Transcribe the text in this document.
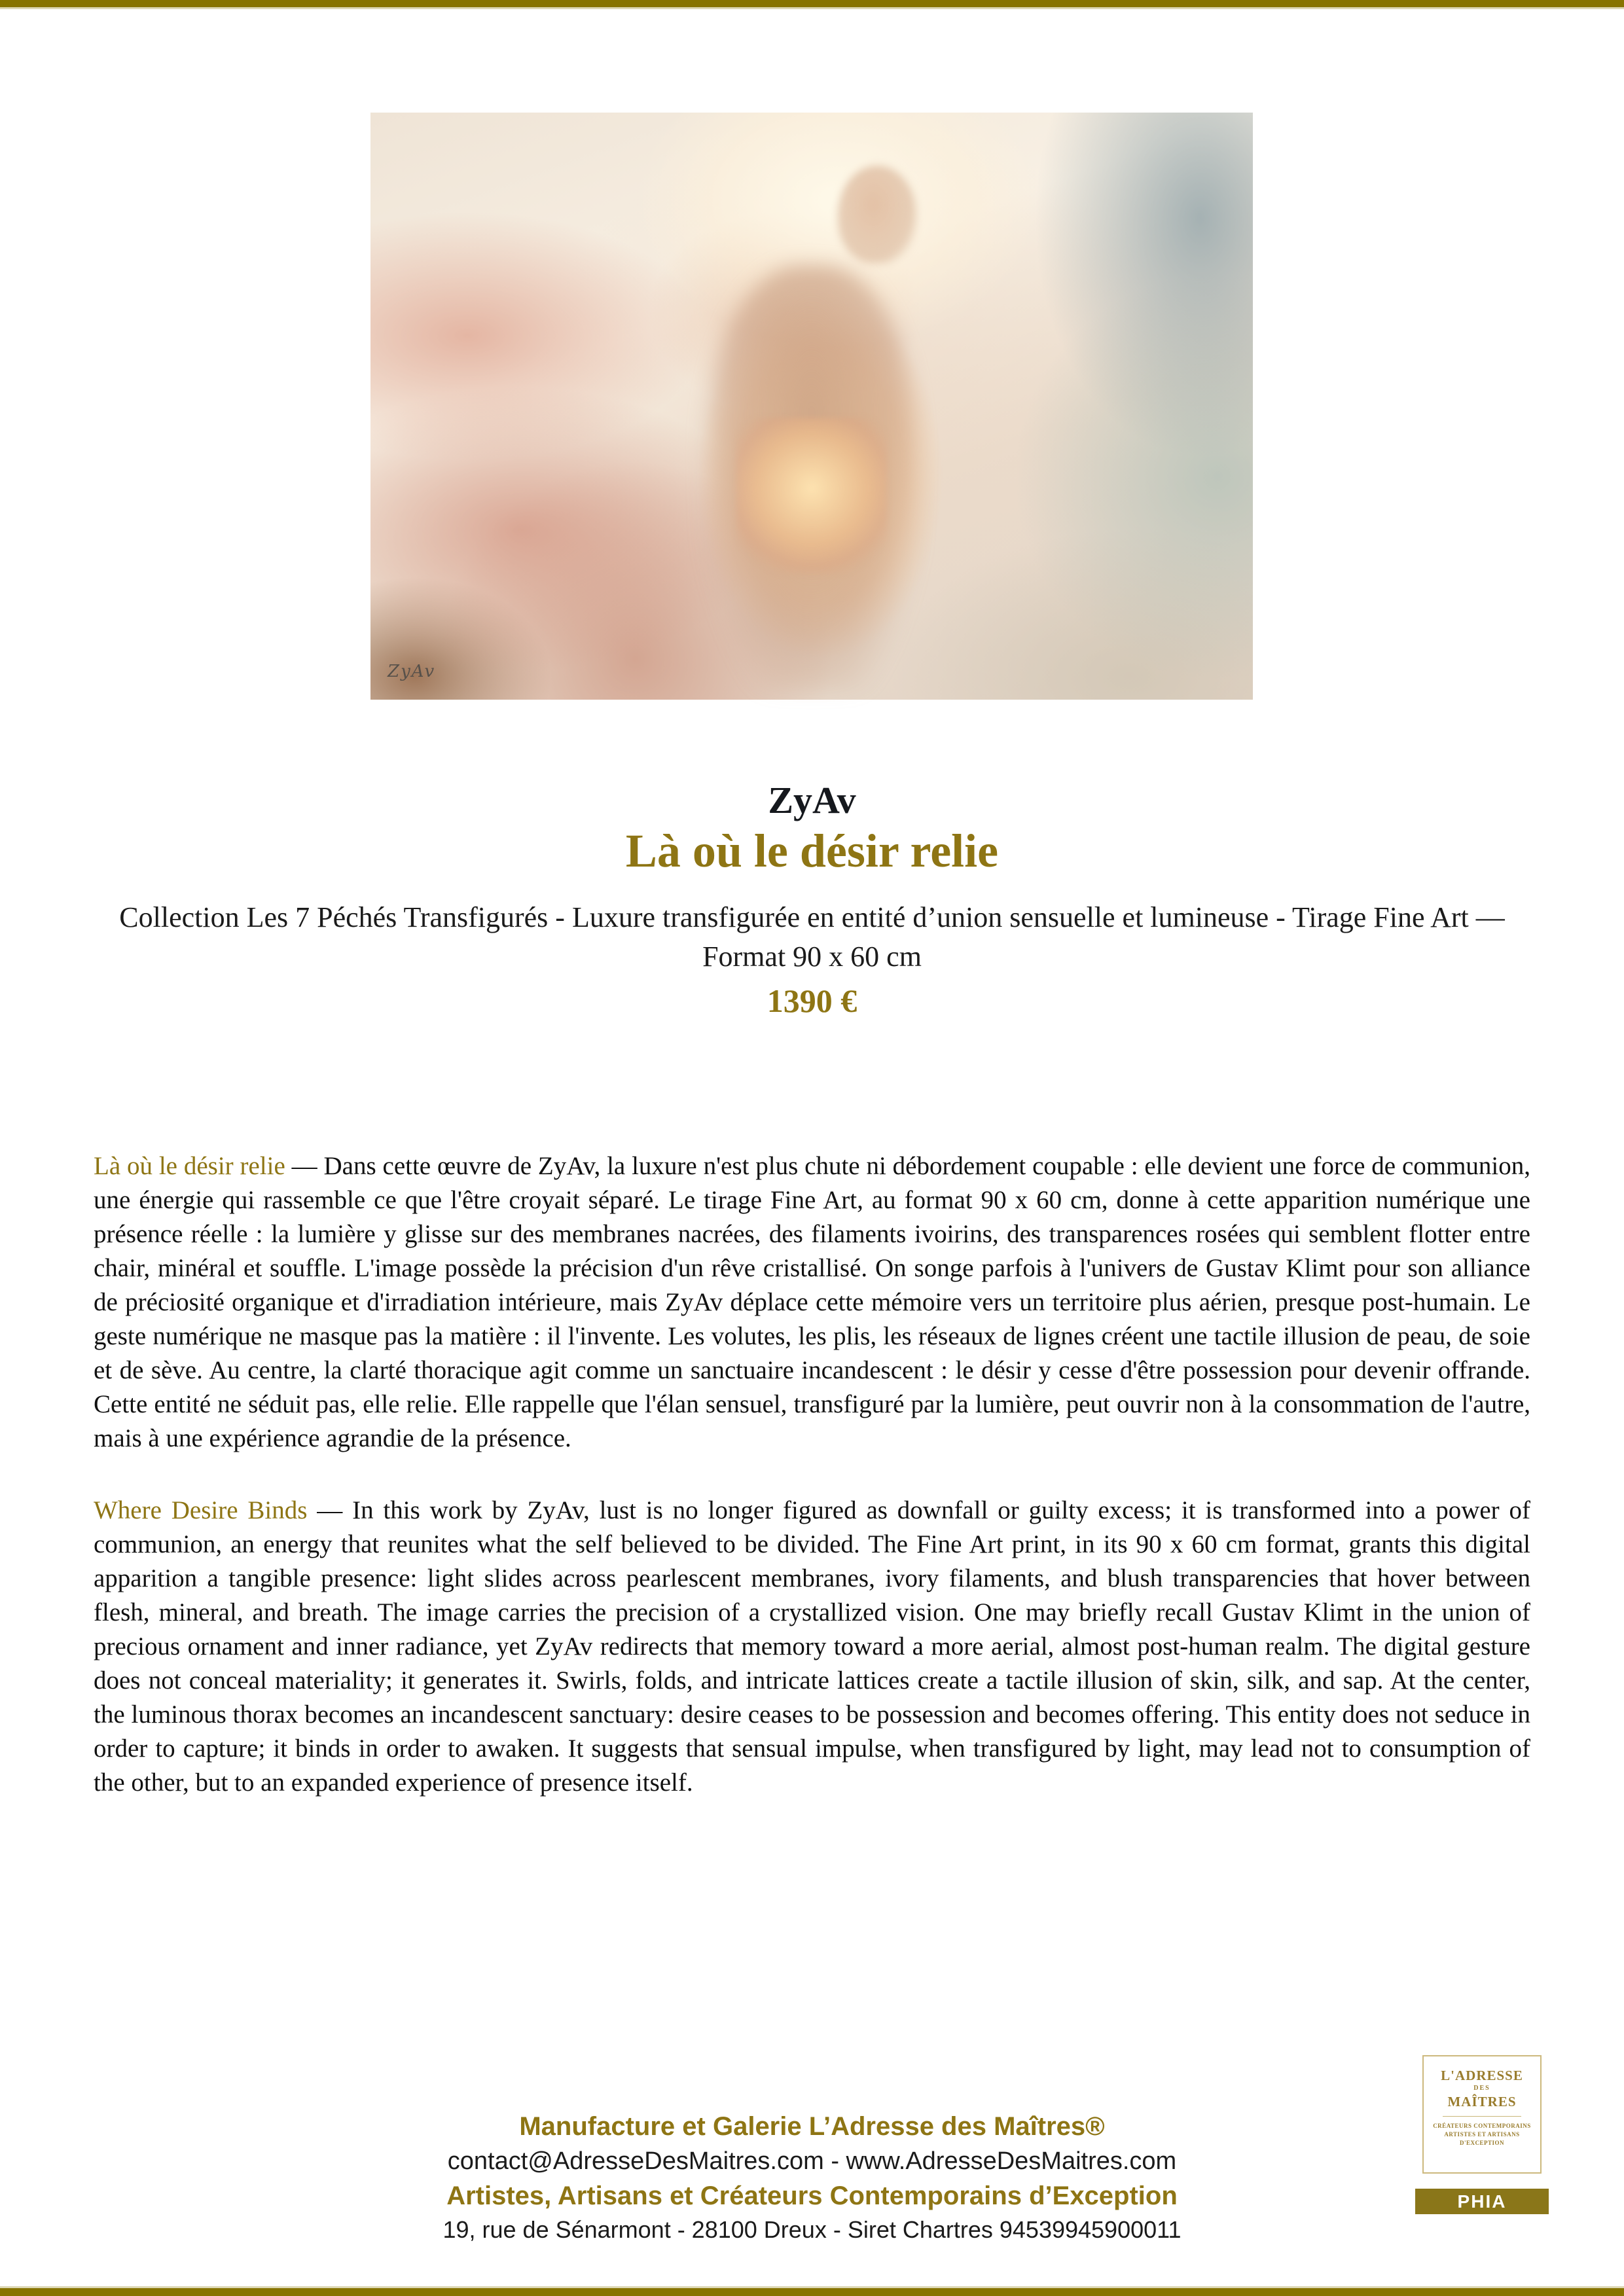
ZyAv
ZyAv
Là où le désir relie

Collection Les 7 Péchés Transfigurés - Luxure transfigurée en entité d’union sensuelle et lumineuse - Tirage Fine Art — Format 90 x 60 cm

1390 €

Là où le désir relie — Dans cette œuvre de ZyAv, la luxure n'est plus chute ni débordement coupable : elle devient une force de communion, une énergie qui rassemble ce que l'être croyait séparé. Le tirage Fine Art, au format 90 x 60 cm, donne à cette apparition numérique une présence réelle : la lumière y glisse sur des membranes nacrées, des filaments ivoirins, des transparences rosées qui semblent flotter entre chair, minéral et souffle. L'image possède la précision d'un rêve cristallisé. On songe parfois à l'univers de Gustav Klimt pour son alliance de préciosité organique et d'irradiation intérieure, mais ZyAv déplace cette mémoire vers un territoire plus aérien, presque post-humain. Le geste numérique ne masque pas la matière : il l'invente. Les volutes, les plis, les réseaux de lignes créent une tactile illusion de peau, de soie et de sève. Au centre, la clarté thoracique agit comme un sanctuaire incandescent : le désir y cesse d'être possession pour devenir offrande. Cette entité ne séduit pas, elle relie. Elle rappelle que l'élan sensuel, transfiguré par la lumière, peut ouvrir non à la consommation de l'autre, mais à une expérience agrandie de la présence.

Where Desire Binds — In this work by ZyAv, lust is no longer figured as downfall or guilty excess; it is transformed into a power of communion, an energy that reunites what the self believed to be divided. The Fine Art print, in its 90 x 60 cm format, grants this digital apparition a tangible presence: light slides across pearlescent membranes, ivory filaments, and blush transparencies that hover between flesh, mineral, and breath. The image carries the precision of a crystallized vision. One may briefly recall Gustav Klimt in the union of precious ornament and inner radiance, yet ZyAv redirects that memory toward a more aerial, almost post-human realm. The digital gesture does not conceal materiality; it generates it. Swirls, folds, and intricate lattices create a tactile illusion of skin, silk, and sap. At the center, the luminous thorax becomes an incandescent sanctuary: desire ceases to be possession and becomes offering. This entity does not seduce in order to capture; it binds in order to awaken. It suggests that sensual impulse, when transfigured by light, may lead not to consumption of the other, but to an expanded experience of presence itself.

Manufacture et Galerie L’Adresse des Maîtres®
contact@AdresseDesMaitres.com - www.AdresseDesMaitres.com
Artistes, Artisans et Créateurs Contemporains d’Exception
19, rue de Sénarmont - 28100 Dreux - Siret Chartres 94539945900011
L'ADRESSE
DES
MAÎTRES
CRÉATEURS CONTEMPORAINS
ARTISTES ET ARTISANS
D'EXCEPTION
PHIA
